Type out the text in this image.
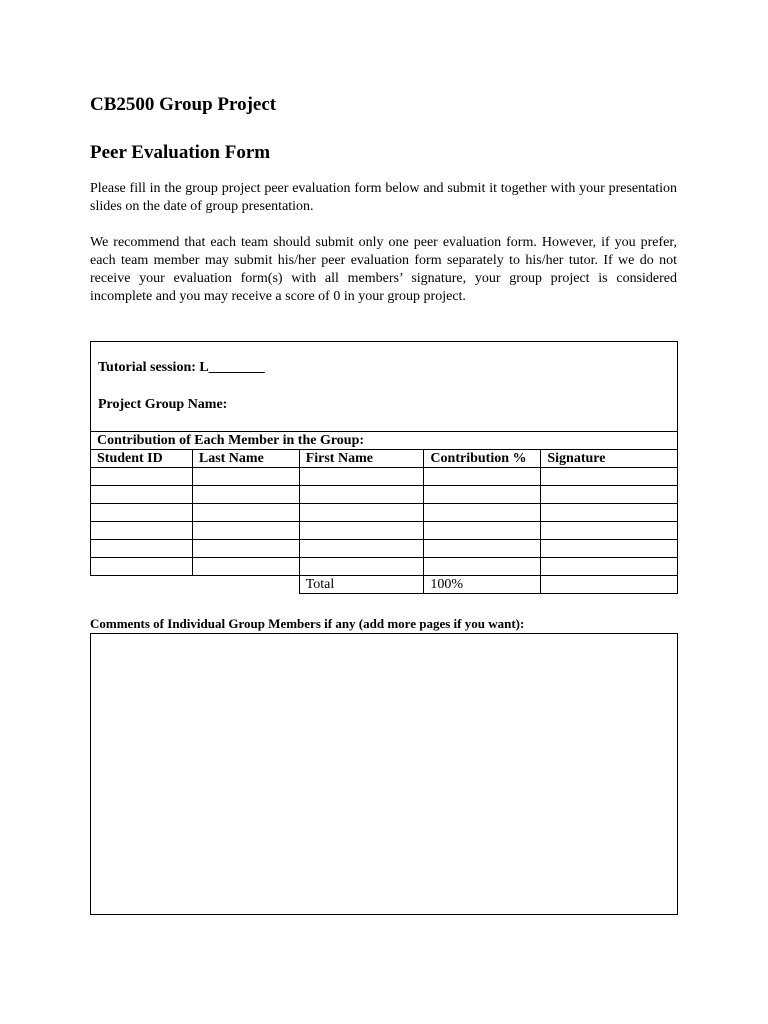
CB2500 Group Project
Peer Evaluation Form

Please fill in the group project peer evaluation form below and submit it together with your presentation slides on the date of group presentation.

We recommend that each team should submit only one peer evaluation form. However, if you prefer, each team member may submit his/her peer evaluation form separately to his/her tutor. If we do not receive your evaluation form(s) with all members’ signature, your group project is considered incomplete and you may receive a score of 0 in your group project.

Tutorial session: L________
Project Group Name:
Contribution of Each Member in the Group:				
Student ID	Last Name	First Name	Contribution %	Signature

		Total	100%	
Comments of Individual Group Members if any (add more pages if you want):
